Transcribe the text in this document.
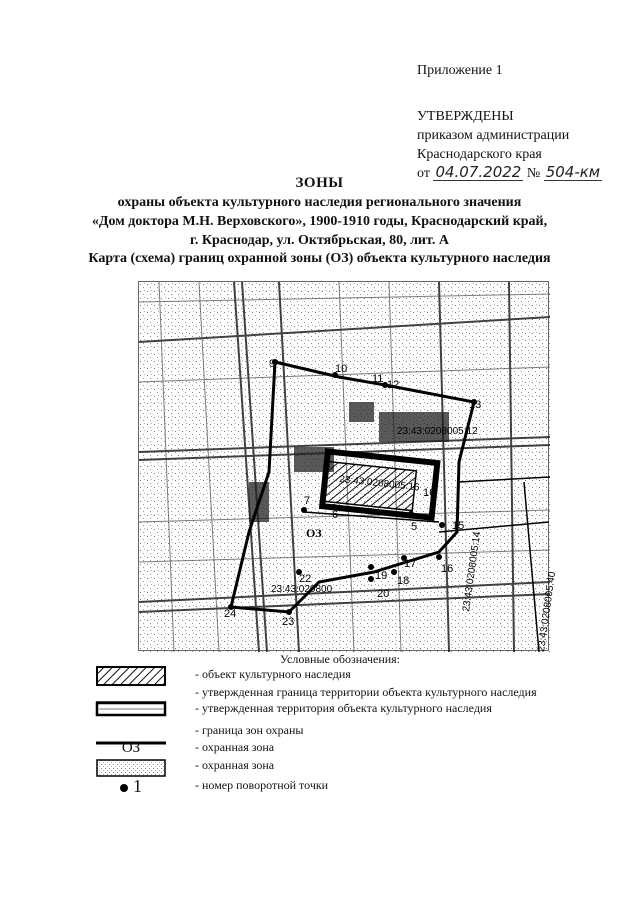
Приложение 1
УТВЕРЖДЕНЫ
приказом администрации
Краснодарского края
от 04.07.2022 № 504-км
ЗОНЫ
охраны объекта культурного наследия регионального значения
«Дом доктора М.Н. Верховского», 1900-1910 годы, Краснодарский край,
г. Краснодар, ул. Октябрьская, 80, лит. А
Карта (схема) границ охранной зоны (ОЗ) объекта культурного наследия
9	10
11 12
13
5
6
7
15
16
16
17
18
19
20
22
23
24
ОЗ
23:43:0208005:12
23:43:0208005:16
23:43:0208005:14	23:43:0208005:40
23:43:020800
Условные обозначения:
- объект культурного наследия
- утвержденная граница территории объекта культурного наследия
- утвержденная территория объекта культурного наследия
- граница зон охраны
ОЗ	- охранная зона
- охранная зона
1	- номер поворотной точки
